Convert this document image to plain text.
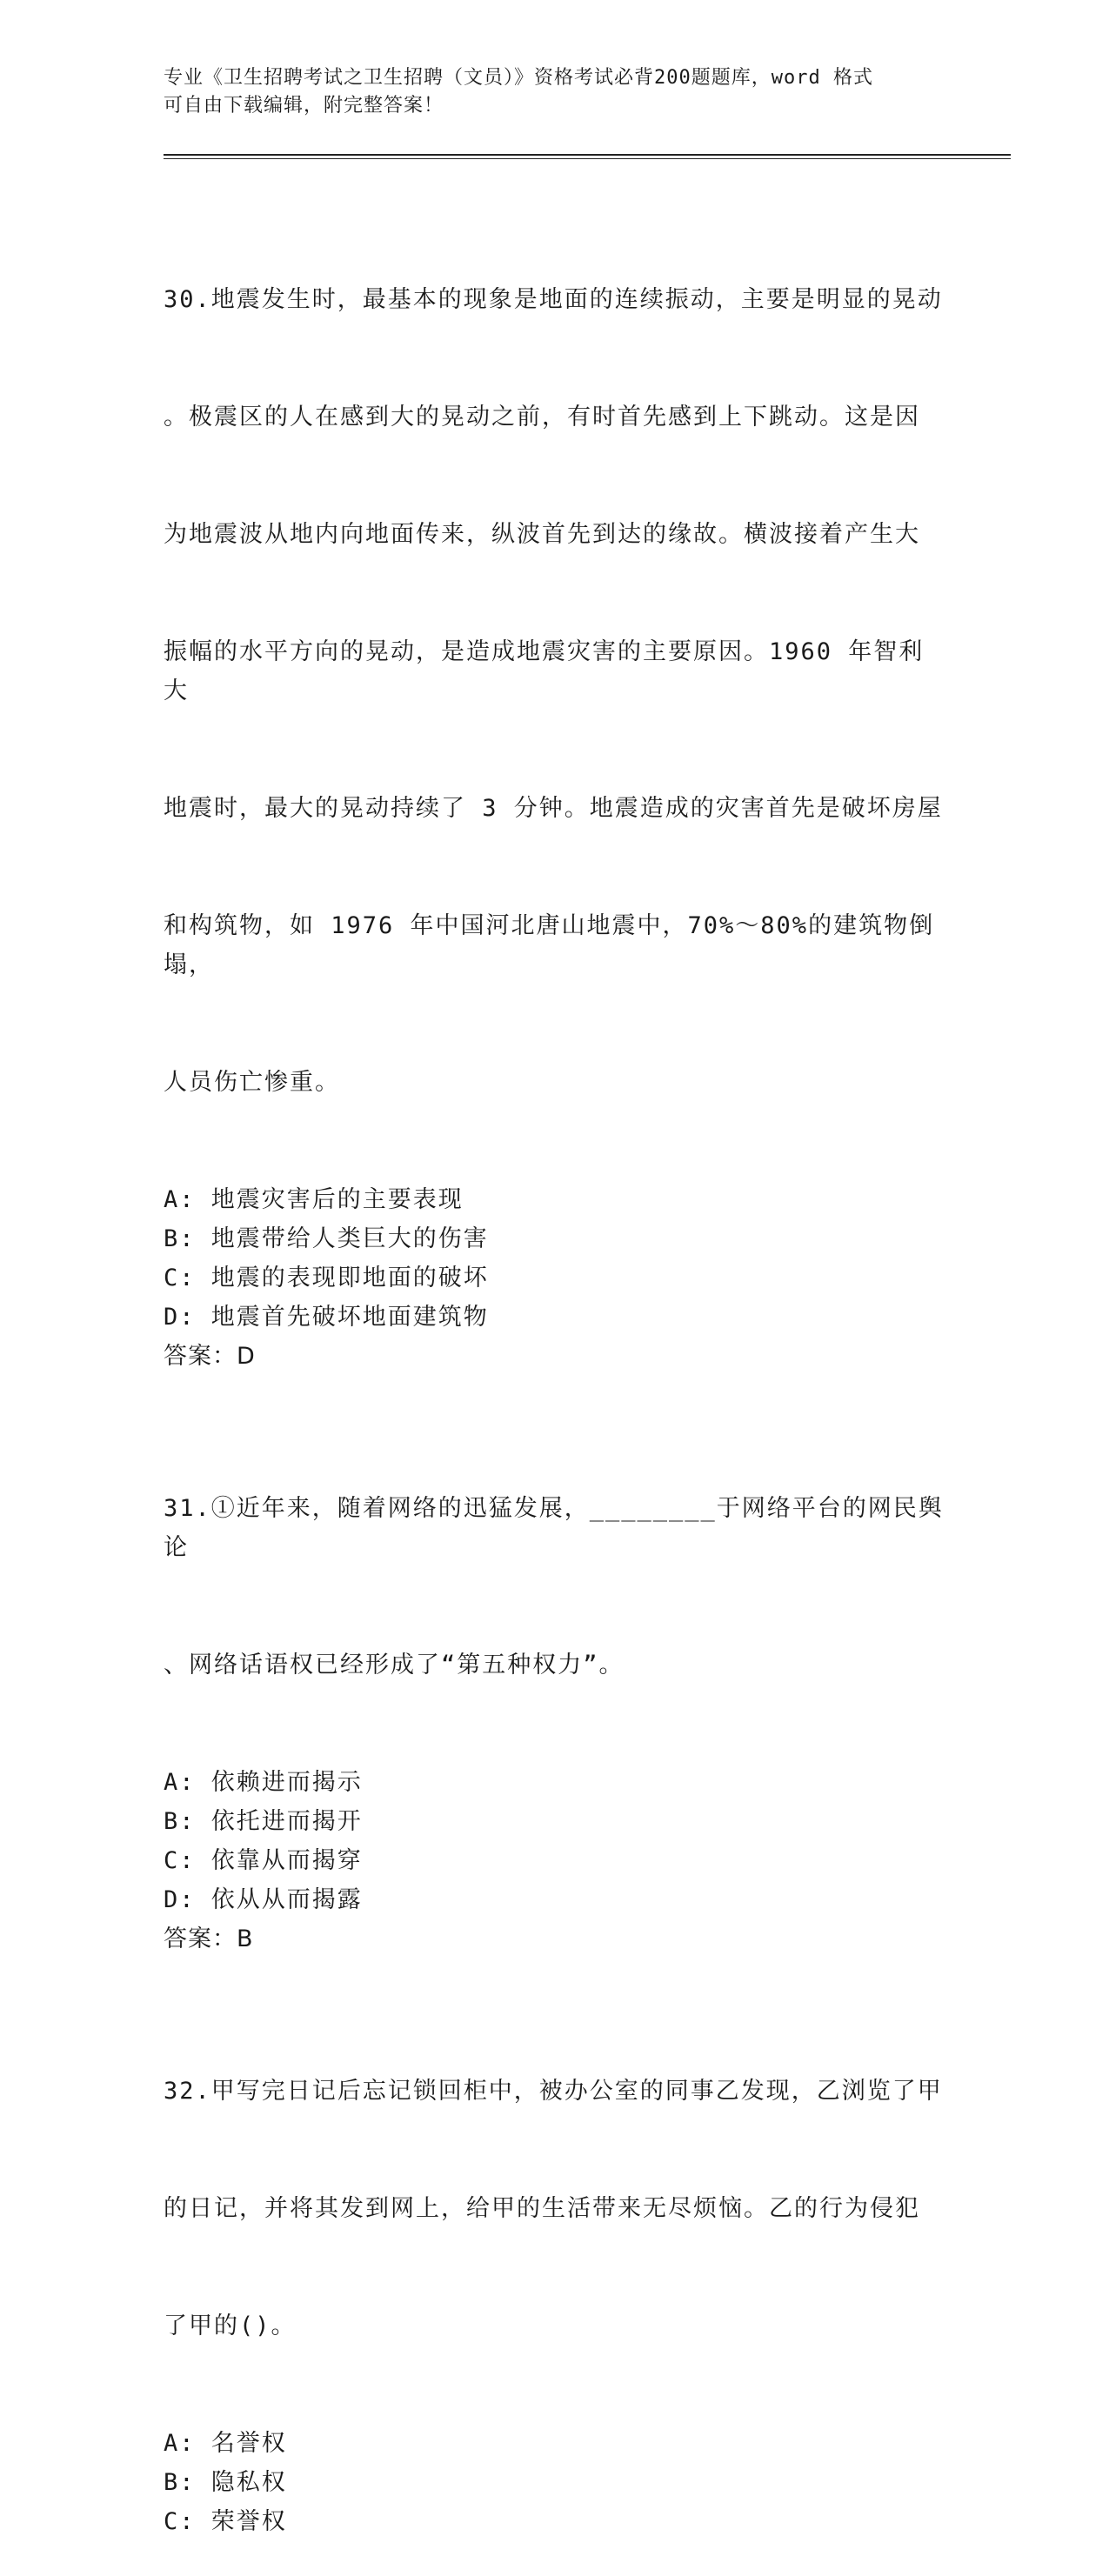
专业《卫生招聘考试之卫生招聘（文员）》资格考试必背200题题库，word 格式
可自由下载编辑，附完整答案！

30.地震发生时，最基本的现象是地面的连续振动，主要是明显的晃动

。极震区的人在感到大的晃动之前，有时首先感到上下跳动。这是因

为地震波从地内向地面传来，纵波首先到达的缘故。横波接着产生大

振幅的水平方向的晃动，是造成地震灾害的主要原因。1960 年智利大

地震时，最大的晃动持续了 3 分钟。地震造成的灾害首先是破坏房屋

和构筑物，如 1976 年中国河北唐山地震中，70%～80%的建筑物倒塌，

人员伤亡惨重。

A: 地震灾害后的主要表现
B: 地震带给人类巨大的伤害
C: 地震的表现即地面的破坏
D: 地震首先破坏地面建筑物
答案：D

31.①近年来，随着网络的迅猛发展，________于网络平台的网民舆论

、网络话语权已经形成了“第五种权力”。

A: 依赖进而揭示
B: 依托进而揭开
C: 依靠从而揭穿
D: 依从从而揭露
答案：B

32.甲写完日记后忘记锁回柜中，被办公室的同事乙发现，乙浏览了甲

的日记，并将其发到网上，给甲的生活带来无尽烦恼。乙的行为侵犯

了甲的()。

A: 名誉权
B: 隐私权
C: 荣誉权
